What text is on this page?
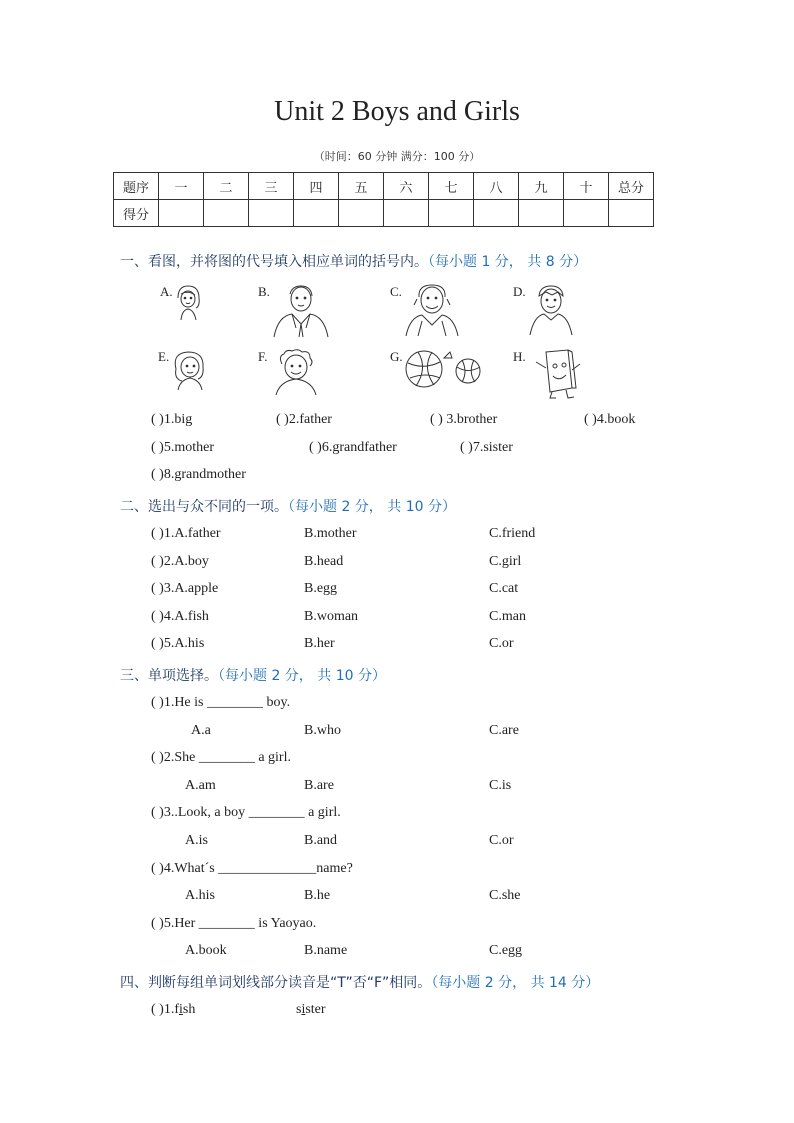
Unit 2 Boys and Girls
（时间：60 分钟 满分：100 分）
题序	一	二	三	四	五	六	七	八	九	十	总分
得分											
一、看图，并将图的代号填入相应单词的括号内。（每小题 1 分， 共 8 分）
A.	B.	C.	D.
E.	F.	G.	H.
( )1.big	( )2.father	( ) 3.brother	( )4.book
( )5.mother	( )6.grandfather	( )7.sister
( )8.grandmother
二、选出与众不同的一项。（每小题 2 分， 共 10 分）
( )1.A.father	B.mother	C.friend
( )2.A.boy	B.head	C.girl
( )3.A.apple	B.egg	C.cat
( )4.A.fish	B.woman	C.man
( )5.A.his	B.her	C.or
三、单项选择。（每小题 2 分， 共 10 分）
( )1.He is ________ boy.
A.a	B.who	C.are
( )2.She ________ a girl.
A.am	B.are	C.is
( )3..Look, a boy ________ a girl.
A.is	B.and	C.or
( )4.What´s ______________name?
A.his	B.he	C.she
( )5.Her ________ is Yaoyao.
A.book	B.name	C.egg
四、判断每组单词划线部分读音是“T”否“F”相同。（每小题 2 分， 共 14 分）
( )1.fish	sister
